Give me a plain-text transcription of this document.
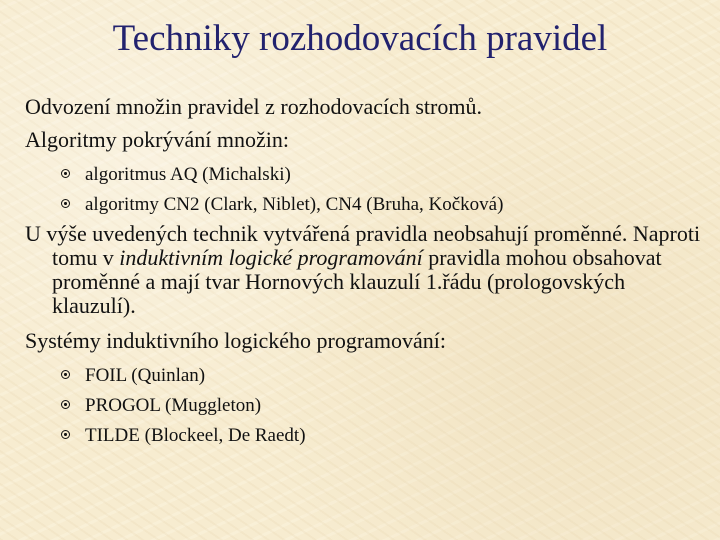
Techniky rozhodovacích pravidel

Odvození množin pravidel z rozhodovacích stromů.

Algoritmy pokrývání množin:

algoritmus AQ (Michalski)
algoritmy CN2 (Clark, Niblet), CN4 (Bruha, Kočková)

U výše uvedených technik vytvářená pravidla neobsahují proměnné. Naproti tomu v induktivním logické programování pravidla mohou obsahovat proměnné a mají tvar Hornových klauzulí 1.řádu (prologovských klauzulí).

Systémy induktivního logického programování:

FOIL (Quinlan)
PROGOL (Muggleton)
TILDE (Blockeel, De Raedt)
